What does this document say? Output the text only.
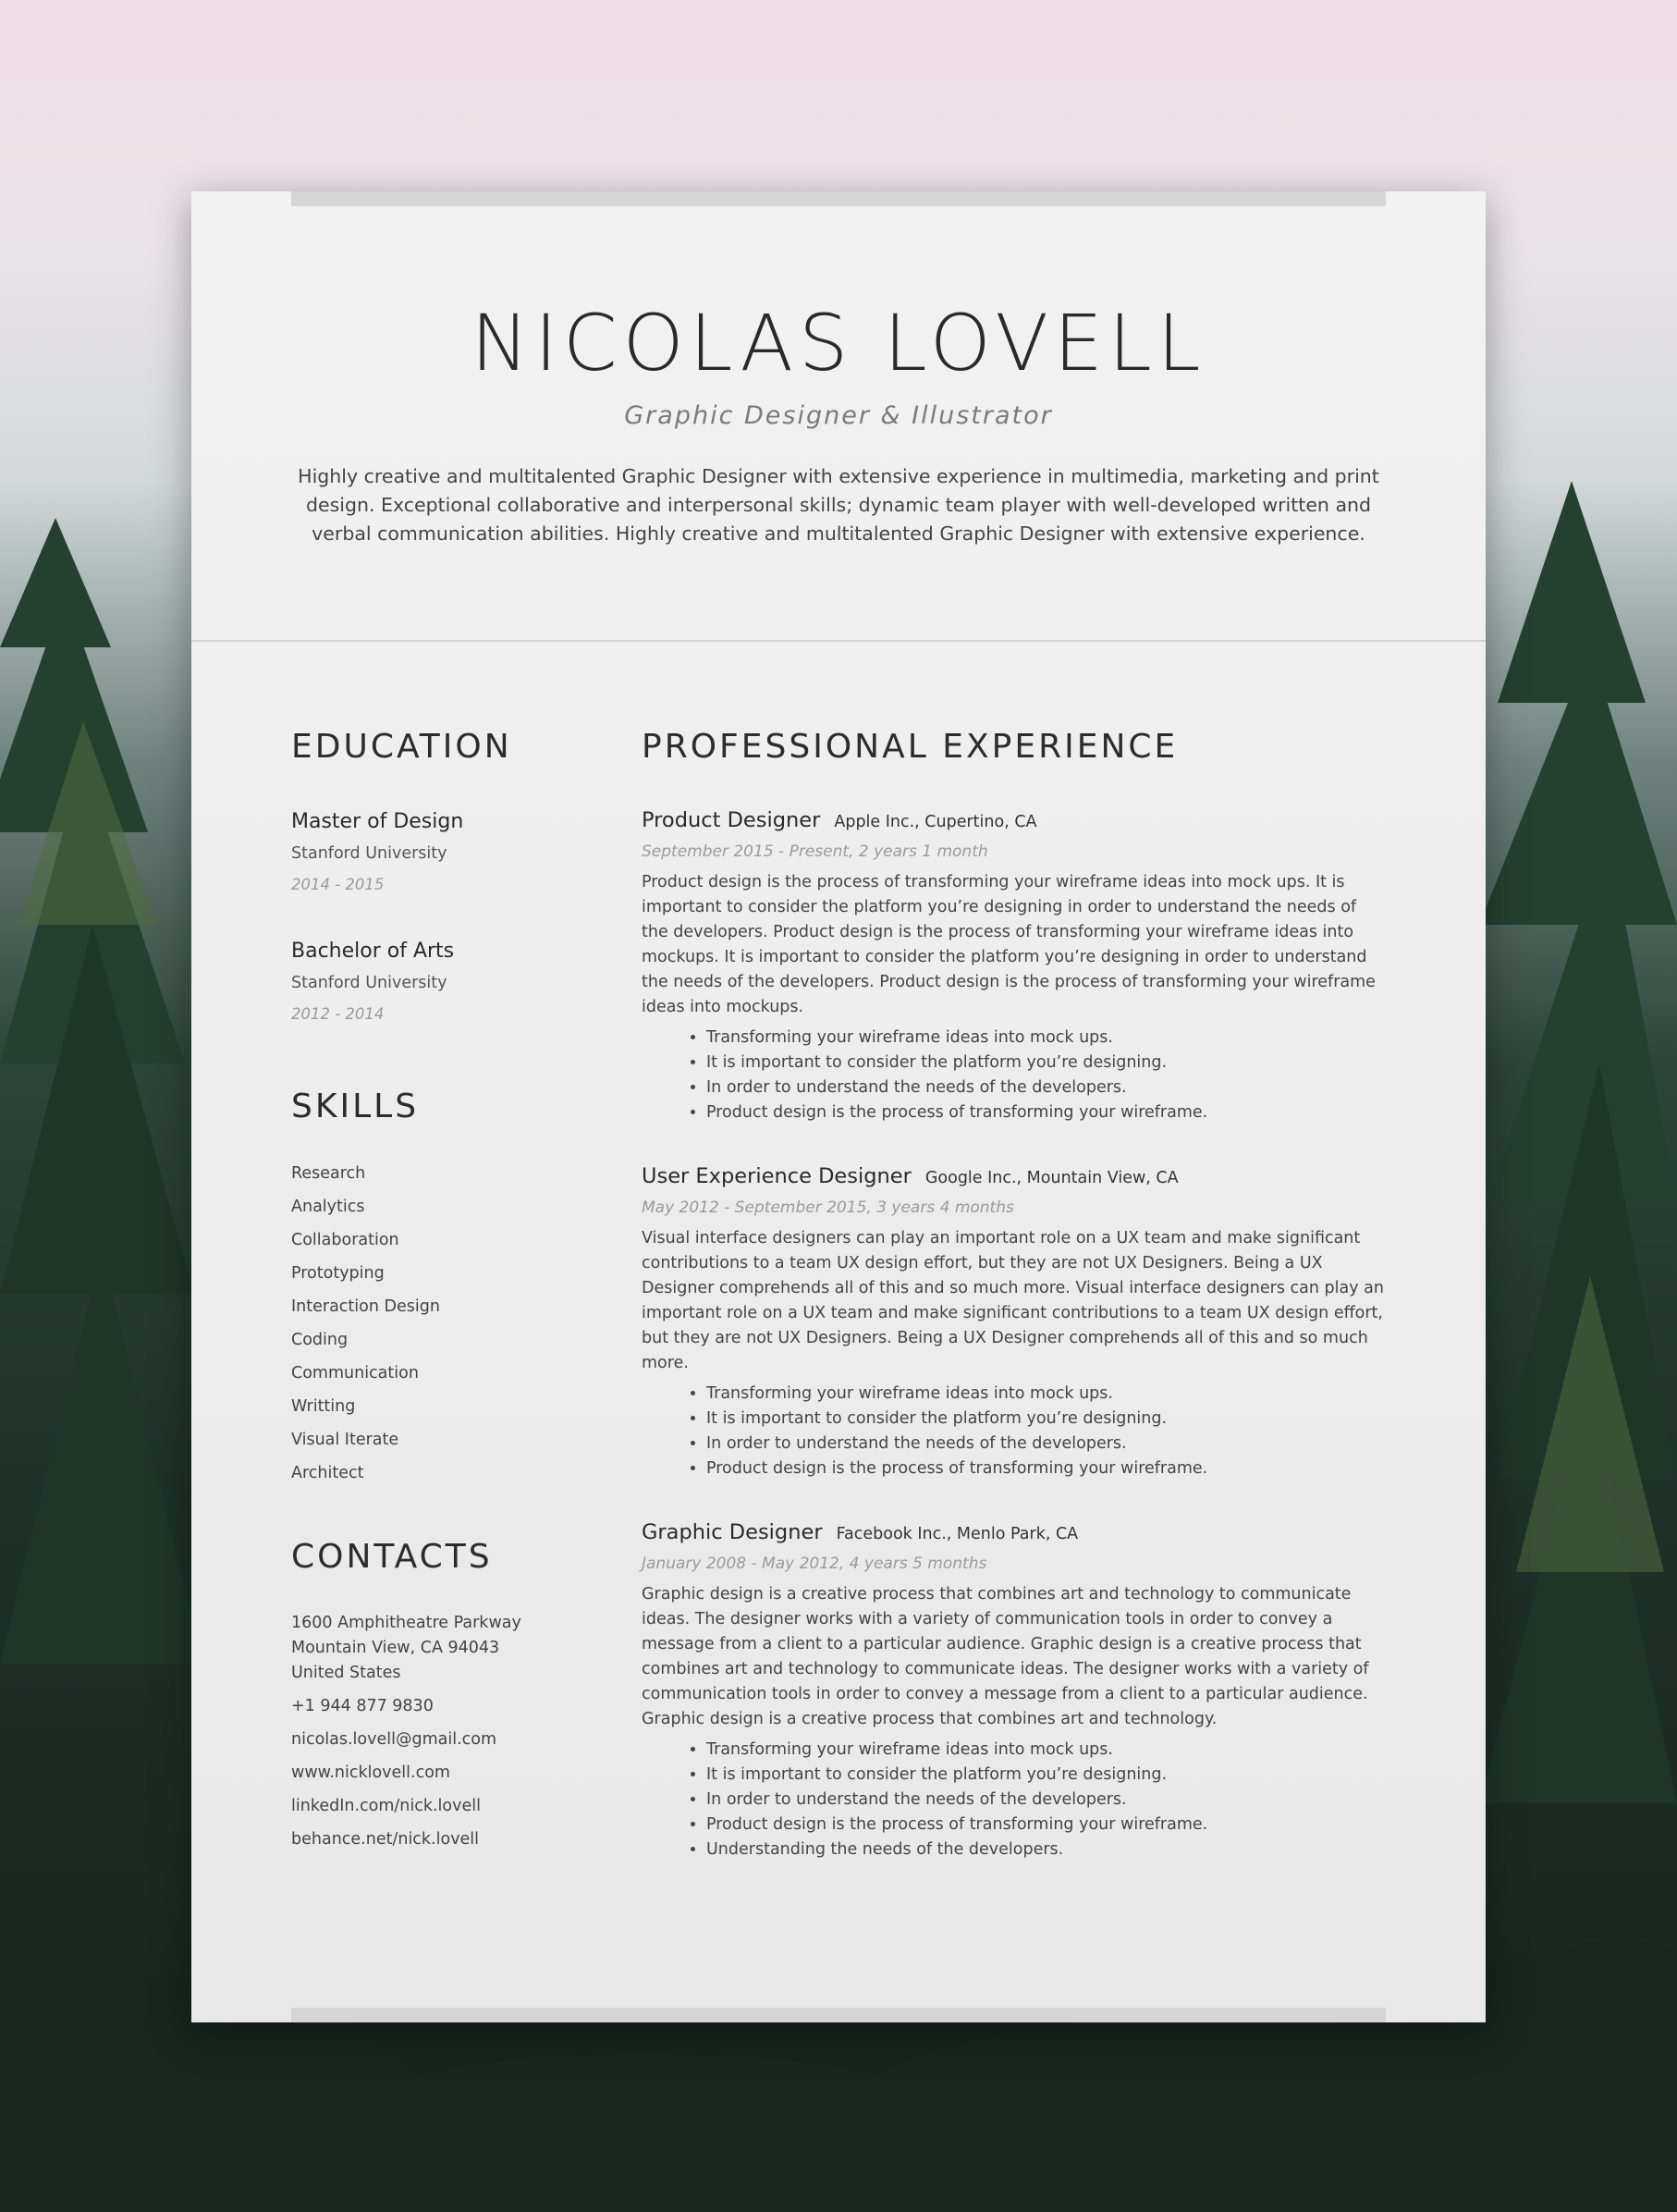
NICOLAS LOVELL
Graphic Designer & Illustrator
Highly creative and multitalented Graphic Designer with extensive experience in multimedia, marketing and print design. Exceptional collaborative and interpersonal skills; dynamic team player with well-developed written and verbal communication abilities. Highly creative and multitalented Graphic Designer with extensive experience.
EDUCATION
Master of Design
Stanford University
2014 - 2015
Bachelor of Arts
Stanford University
2012 - 2014
SKILLS
Research
Analytics
Collaboration
Prototyping
Interaction Design
Coding
Communication
Writting
Visual Iterate
Architect
CONTACTS
1600 Amphitheatre Parkway
Mountain View, CA 94043
United States
+1 944 877 9830
nicolas.lovell@gmail.com
www.nicklovell.com
linkedIn.com/nick.lovell
behance.net/nick.lovell
PROFESSIONAL EXPERIENCE
Product Designer Apple Inc., Cupertino, CA
September 2015 - Present, 2 years 1 month
Product design is the process of transforming your wireframe ideas into mock ups. It is important to consider the platform you’re designing in order to understand the needs of the developers. Product design is the process of transforming your wireframe ideas into mockups. It is important to consider the platform you’re designing in order to understand the needs of the developers. Product design is the process of transforming your wireframe ideas into mockups.
• Transforming your wireframe ideas into mock ups.
• It is important to consider the platform you’re designing.
• In order to understand the needs of the developers.
• Product design is the process of transforming your wireframe.
User Experience Designer Google Inc., Mountain View, CA
May 2012 - September 2015, 3 years 4 months
Visual interface designers can play an important role on a UX team and make significant contributions to a team UX design effort, but they are not UX Designers. Being a UX Designer comprehends all of this and so much more. Visual interface designers can play an important role on a UX team and make significant contributions to a team UX design effort, but they are not UX Designers. Being a UX Designer comprehends all of this and so much more.
• Transforming your wireframe ideas into mock ups.
• It is important to consider the platform you’re designing.
• In order to understand the needs of the developers.
• Product design is the process of transforming your wireframe.
Graphic Designer Facebook Inc., Menlo Park, CA
January 2008 - May 2012, 4 years 5 months
Graphic design is a creative process that combines art and technology to communicate ideas. The designer works with a variety of communication tools in order to convey a message from a client to a particular audience. Graphic design is a creative process that combines art and technology to communicate ideas. The designer works with a variety of communication tools in order to convey a message from a client to a particular audience. Graphic design is a creative process that combines art and technology.
• Transforming your wireframe ideas into mock ups.
• It is important to consider the platform you’re designing.
• In order to understand the needs of the developers.
• Product design is the process of transforming your wireframe.
• Understanding the needs of the developers.
